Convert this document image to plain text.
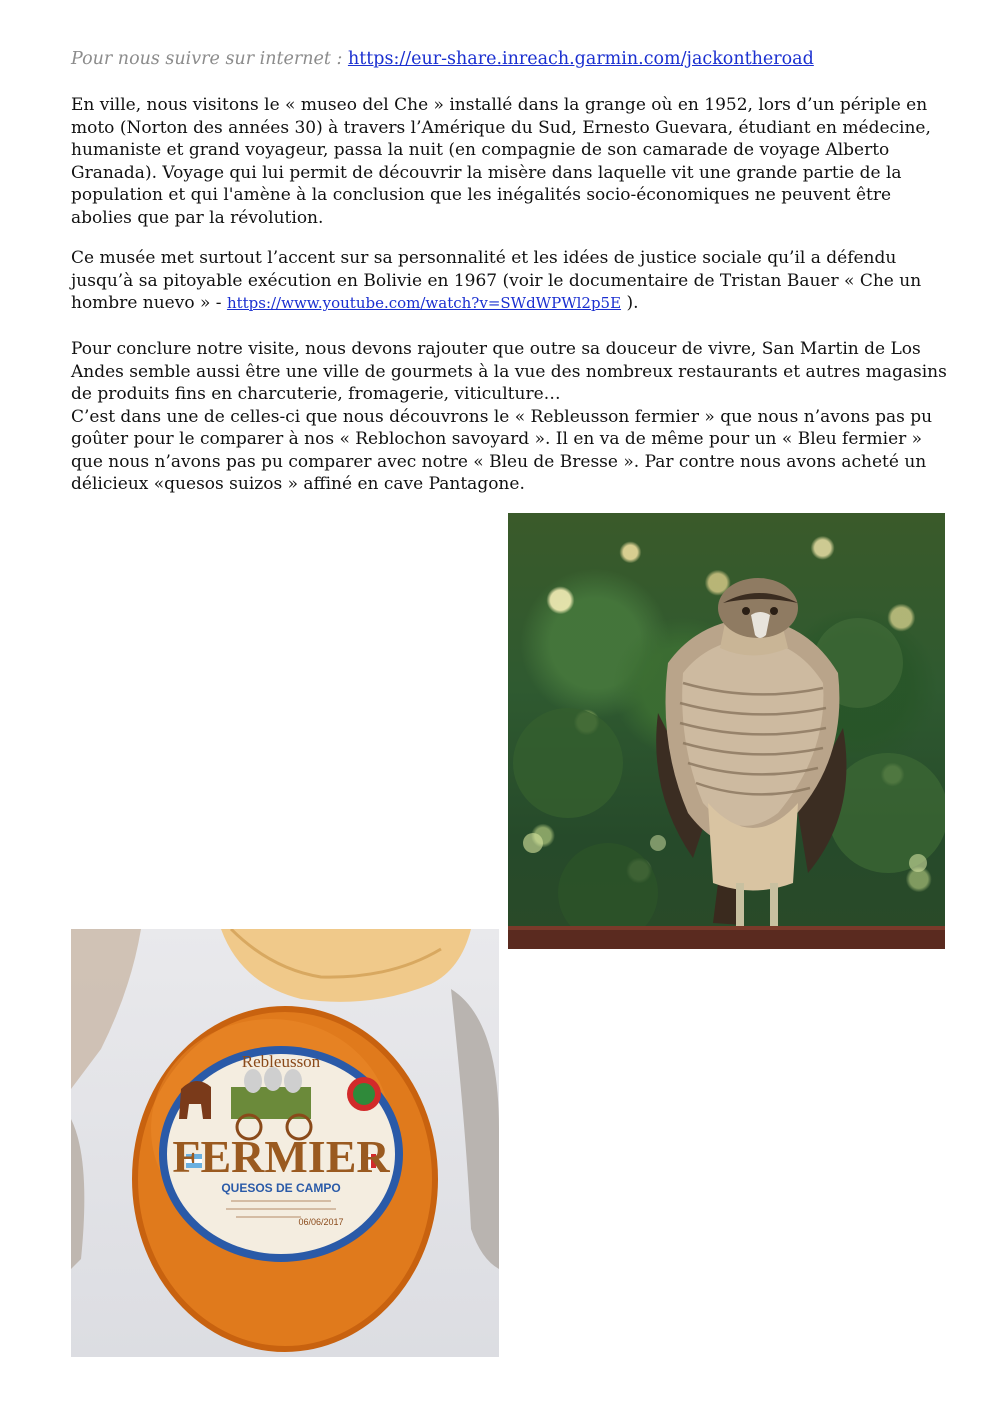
Pour nous suivre sur internet : https://eur-share.inreach.garmin.com/jackontheroad

En ville, nous visitons le « museo del Che » installé dans la grange où en 1952, lors d’un périple en moto (Norton des années 30) à travers l’Amérique du Sud, Ernesto Guevara, étudiant en médecine, humaniste et grand voyageur, passa la nuit (en compagnie de son camarade de voyage Alberto Granada). Voyage qui lui permit de découvrir la misère dans laquelle vit une grande partie de la population et qui l'amène à la conclusion que les inégalités socio-économiques ne peuvent être abolies que par la révolution.

Ce musée met surtout l’accent sur sa personnalité et les idées de justice sociale qu’il a défendu jusqu’à sa pitoyable exécution en Bolivie en 1967 (voir le documentaire de Tristan Bauer « Che un hombre nuevo » - https://www.youtube.com/watch?v=SWdWPWl2p5E ).

Pour conclure notre visite, nous devons rajouter que outre sa douceur de vivre, San Martin de Los Andes semble aussi être une ville de gourmets à la vue des nombreux restaurants et autres magasins de produits fins en charcuterie, fromagerie, viticulture…

C’est dans une de celles-ci que nous découvrons le « Rebleusson fermier » que nous n’avons pas pu goûter pour le comparer à nos « Reblochon savoyard ». Il en va de même pour un « Bleu fermier » que nous n’avons pas pu comparer avec notre « Bleu de Bresse ». Par contre nous avons acheté un délicieux «quesos suizos » affiné en cave Pantagone.

Rebleusson
FERMIER
QUESOS DE CAMPO
06/06/2017
